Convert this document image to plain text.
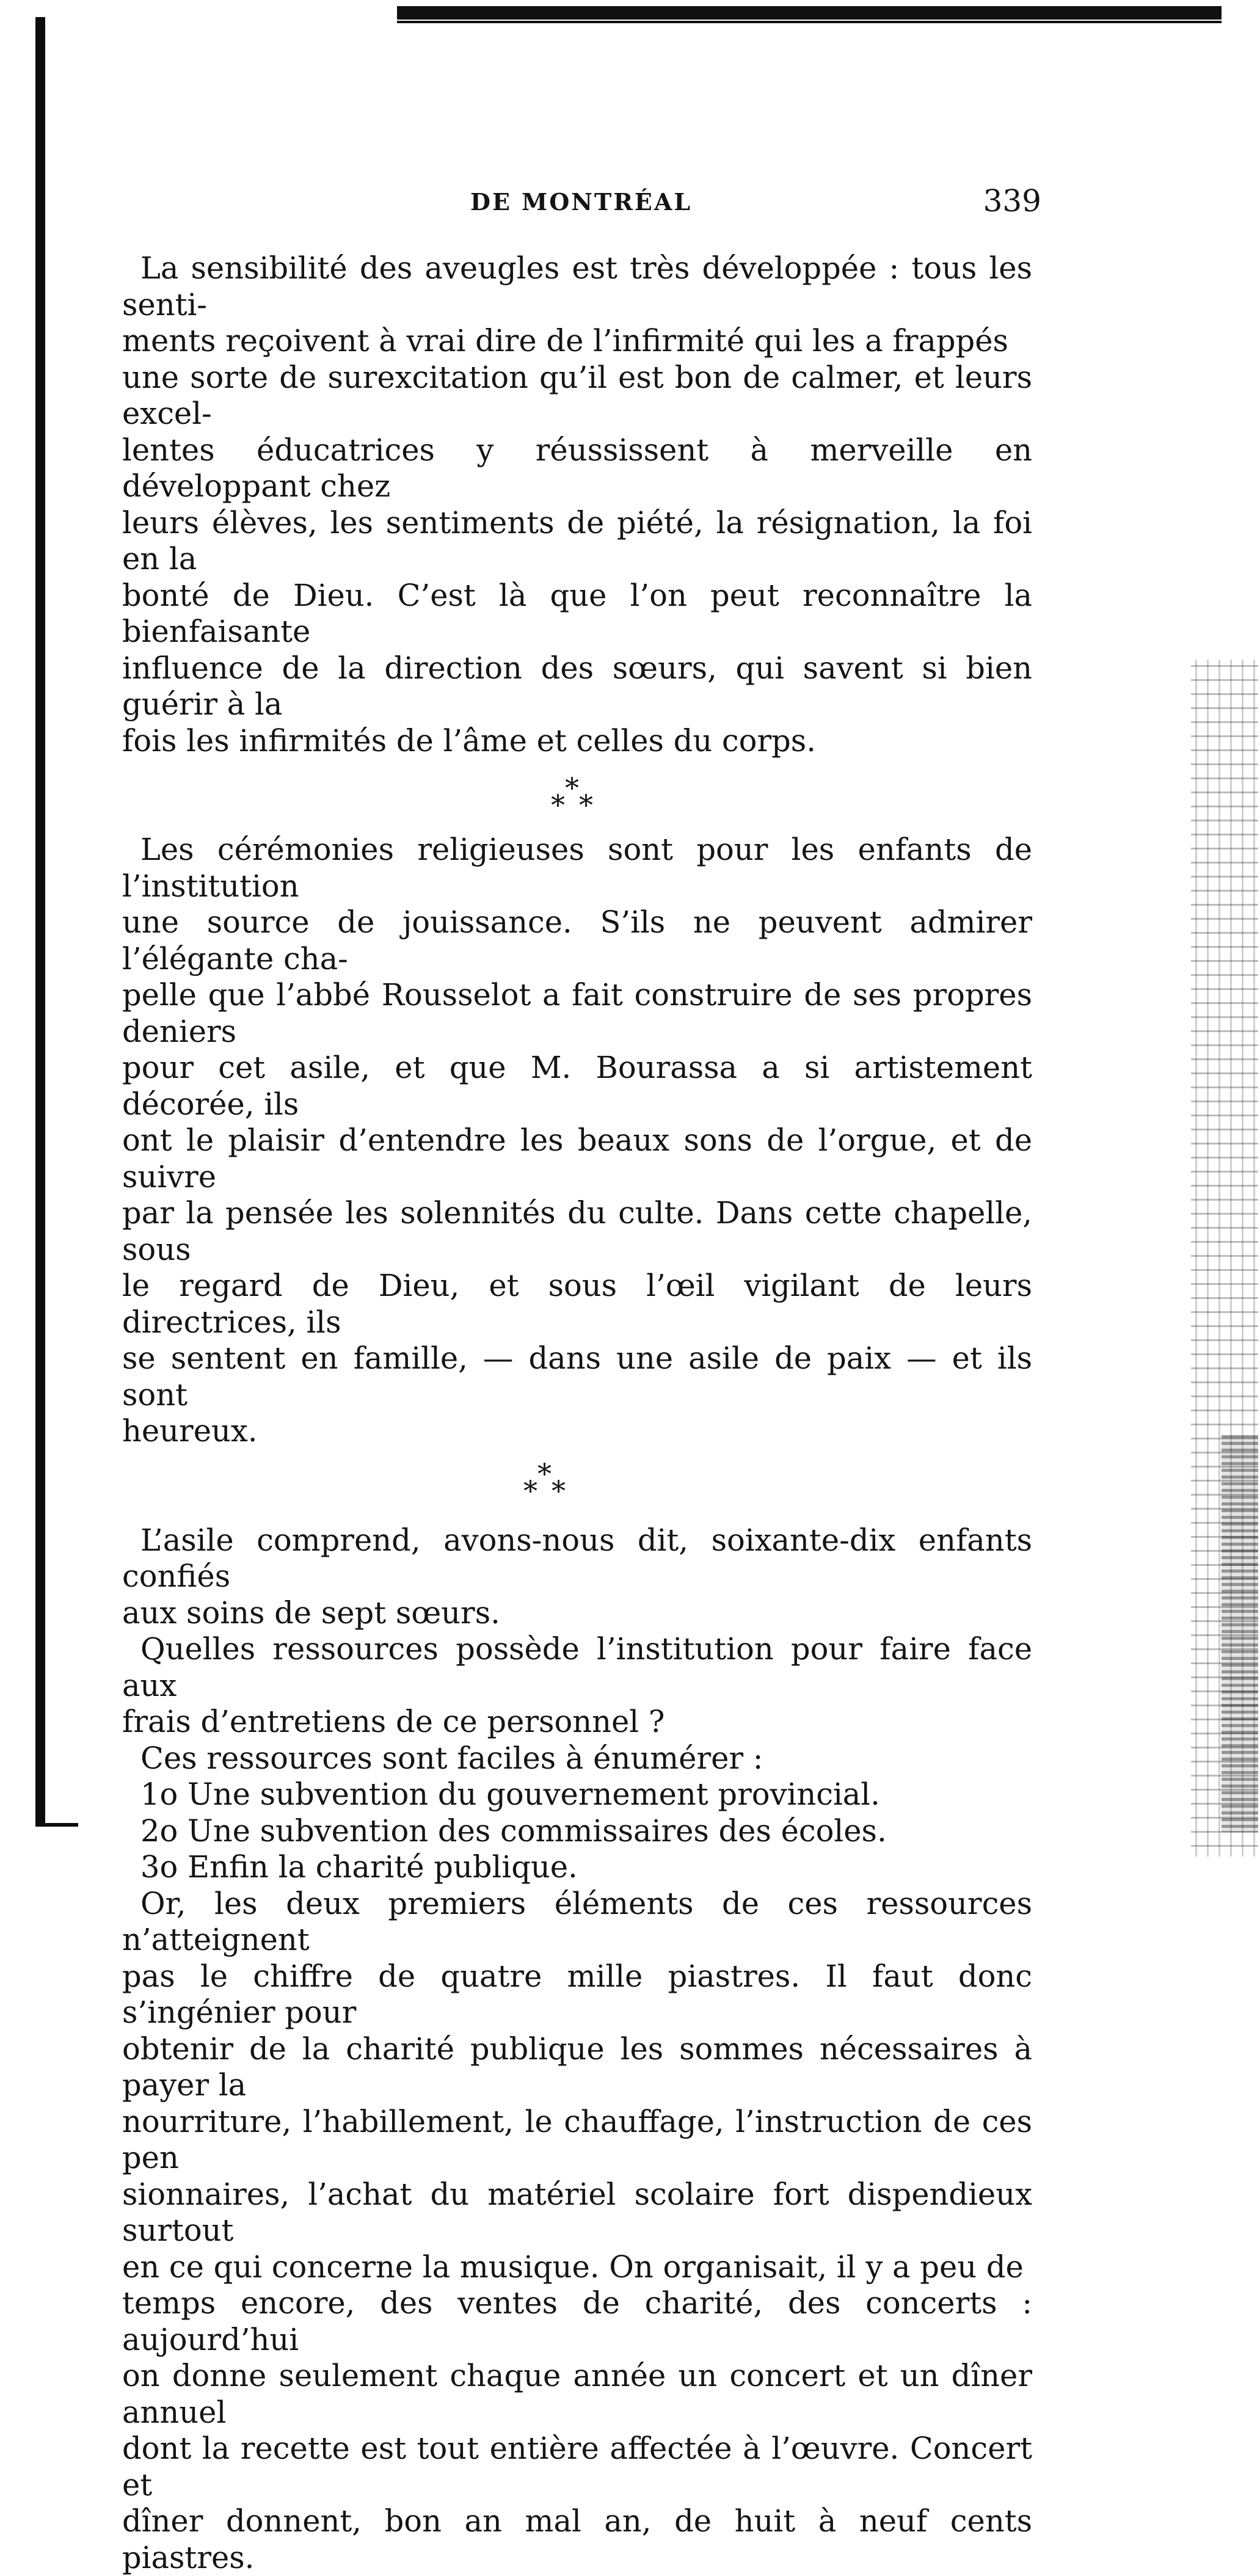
DE MONTRÉAL	339

La sensibilité des aveugles est très développée : tous les senti-

ments reçoivent à vrai dire de l’infirmité qui les a frappés

une sorte de surexcitation qu’il est bon de calmer, et leurs excel-

lentes éducatrices y réussissent à merveille en développant chez

leurs élèves, les sentiments de piété, la résignation, la foi en la

bonté de Dieu. C’est là que l’on peut reconnaître la bienfaisante

influence de la direction des sœurs, qui savent si bien guérir à la

fois les infirmités de l’âme et celles du corps.

*
* *

Les cérémonies religieuses sont pour les enfants de l’institution

une source de jouissance. S’ils ne peuvent admirer l’élégante cha-

pelle que l’abbé Rousselot a fait construire de ses propres deniers

pour cet asile, et que M. Bourassa a si artistement décorée, ils

ont le plaisir d’entendre les beaux sons de l’orgue, et de suivre

par la pensée les solennités du culte. Dans cette chapelle, sous

le regard de Dieu, et sous l’œil vigilant de leurs directrices, ils

se sentent en famille, — dans une asile de paix — et ils sont

heureux.

*
* *

L’asile comprend, avons-nous dit, soixante-dix enfants confiés

aux soins de sept sœurs.

Quelles ressources possède l’institution pour faire face aux

frais d’entretiens de ce personnel ?

Ces ressources sont faciles à énumérer :

1o Une subvention du gouvernement provincial.

2o Une subvention des commissaires des écoles.

3o Enfin la charité publique.

Or, les deux premiers éléments de ces ressources n’atteignent

pas le chiffre de quatre mille piastres. Il faut donc s’ingénier pour

obtenir de la charité publique les sommes nécessaires à payer la

nourriture, l’habillement, le chauffage, l’instruction de ces pen

sionnaires, l’achat du matériel scolaire fort dispendieux surtout

en ce qui concerne la musique. On organisait, il y a peu de

temps encore, des ventes de charité, des concerts : aujourd’hui

on donne seulement chaque année un concert et un dîner annuel

dont la recette est tout entière affectée à l’œuvre. Concert et

dîner donnent, bon an mal an, de huit à neuf cents piastres.
